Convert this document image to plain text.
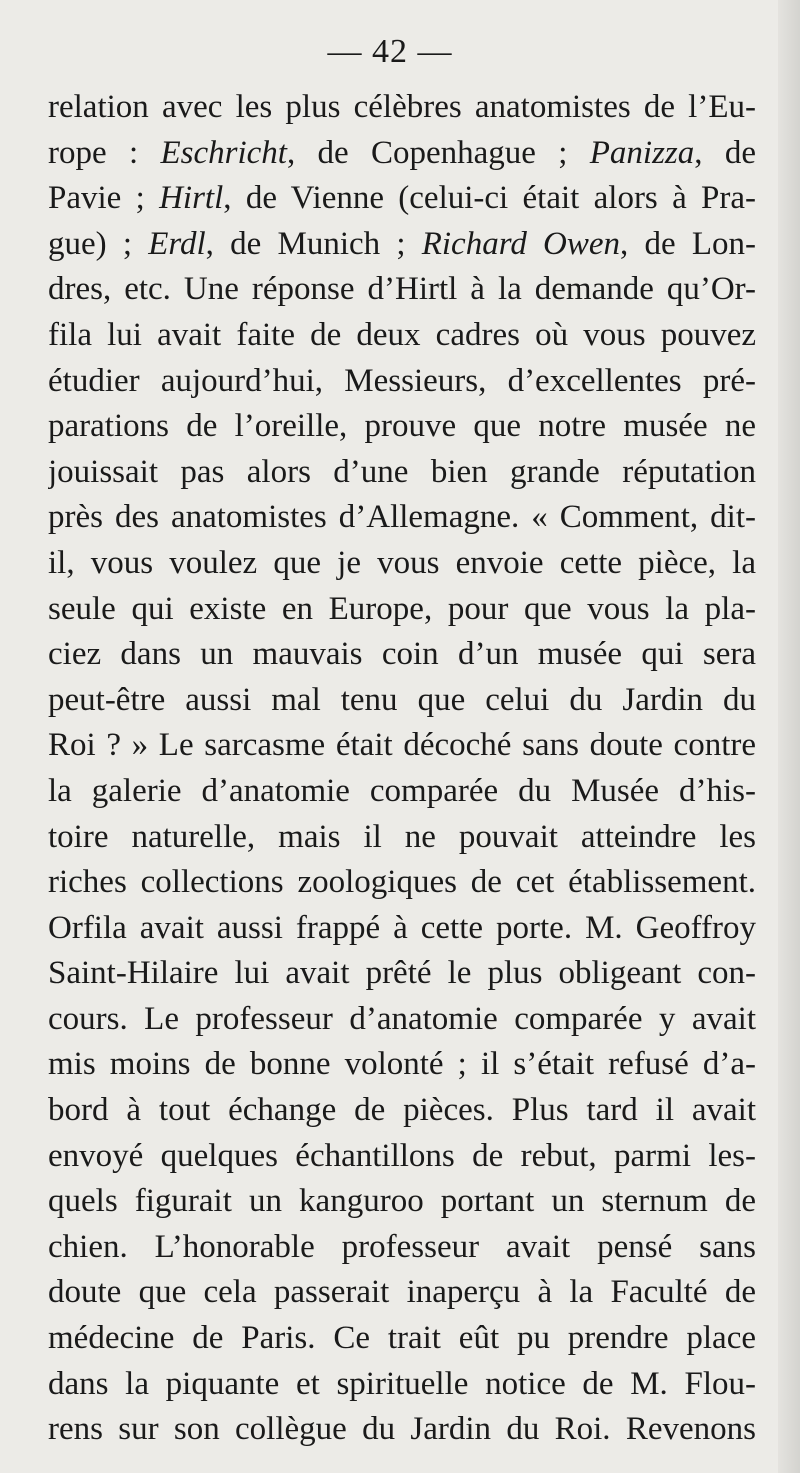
— 42 —
relation avec les plus célèbres anatomistes de l’Eu-
rope : Eschricht, de Copenhague ; Panizza, de
Pavie ; Hirtl, de Vienne (celui-ci était alors à Pra-
gue) ; Erdl, de Munich ; Richard Owen, de Lon-
dres, etc. Une réponse d’Hirtl à la demande qu’Or-
fila lui avait faite de deux cadres où vous pouvez
étudier aujourd’hui, Messieurs, d’excellentes pré-
parations de l’oreille, prouve que notre musée ne
jouissait pas alors d’une bien grande réputation
près des anatomistes d’Allemagne. « Comment, dit-
il, vous voulez que je vous envoie cette pièce, la
seule qui existe en Europe, pour que vous la pla-
ciez dans un mauvais coin d’un musée qui sera
peut-être aussi mal tenu que celui du Jardin du
Roi ? » Le sarcasme était décoché sans doute contre
la galerie d’anatomie comparée du Musée d’his-
toire naturelle, mais il ne pouvait atteindre les
riches collections zoologiques de cet établissement.
Orfila avait aussi frappé à cette porte. M. Geoffroy
Saint-Hilaire lui avait prêté le plus obligeant con-
cours. Le professeur d’anatomie comparée y avait
mis moins de bonne volonté ; il s’était refusé d’a-
bord à tout échange de pièces. Plus tard il avait
envoyé quelques échantillons de rebut, parmi les-
quels figurait un kanguroo portant un sternum de
chien. L’honorable professeur avait pensé sans
doute que cela passerait inaperçu à la Faculté de
médecine de Paris. Ce trait eût pu prendre place
dans la piquante et spirituelle notice de M. Flou-
rens sur son collègue du Jardin du Roi. Revenons
